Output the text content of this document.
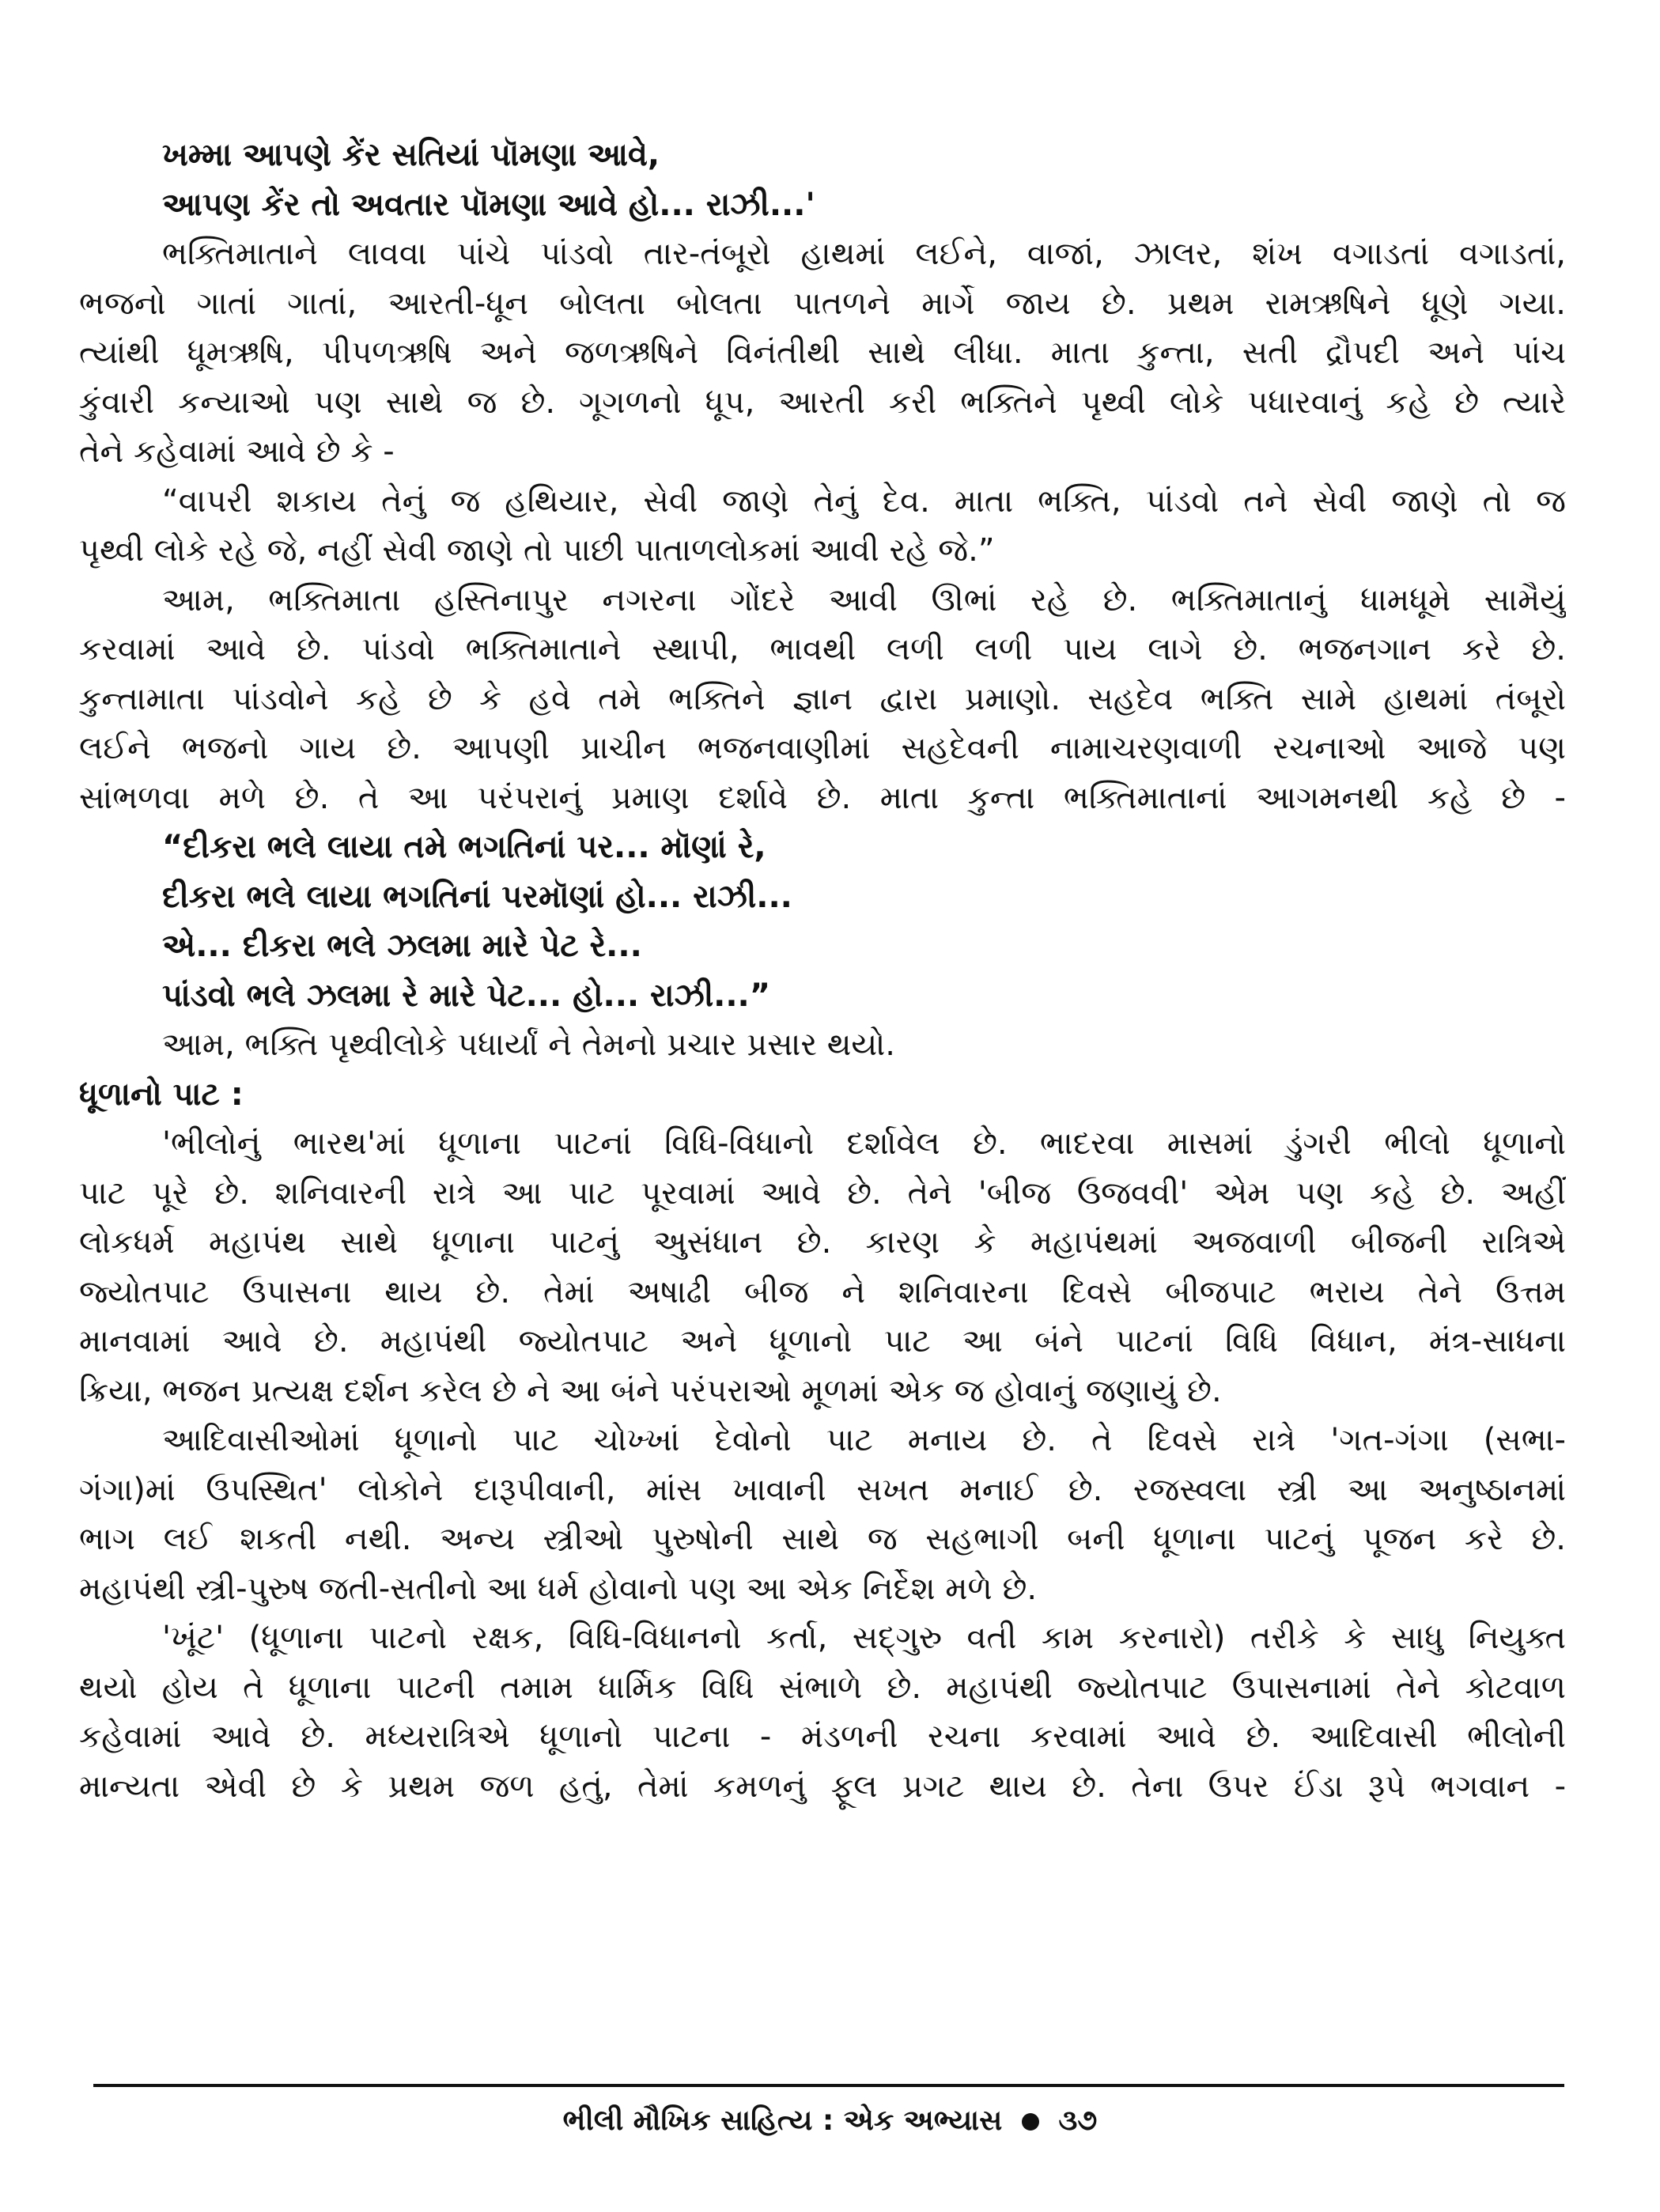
ખમ્મા આપણે કેંર સતિયાં પૉમણા આવે,
આપણ કેંર તો અવતાર પૉમણા આવે હો... રાઝી...'
ભક્તિમાતાને લાવવા પાંચે પાંડવો તાર-તંબૂરો હાથમાં લઈને, વાજાં, ઝાલર, શંખ વગાડતાં વગાડતાં,
ભજનો ગાતાં ગાતાં, આરતી-ધૂન બોલતા બોલતા પાતળને માર્ગે જાય છે. પ્રથમ રામઋષિને ધૂણે ગયા.
ત્યાંથી ધૂમઋષિ, પીપળઋષિ અને જળઋષિને વિનંતીથી સાથે લીધા. માતા કુન્તા, સતી દ્રૌપદી અને પાંચ
કુંવારી કન્યાઓ પણ સાથે જ છે. ગૂગળનો ધૂપ, આરતી કરી ભક્તિને પૃથ્વી લોકે પધારવાનું કહે છે ત્યારે
તેને કહેવામાં આવે છે કે -
“વાપરી શકાય તેનું જ હથિયાર, સેવી જાણે તેનું દેવ. માતા ભક્તિ, પાંડવો તને સેવી જાણે તો જ
પૃથ્વી લોકે રહે જે, નહીં સેવી જાણે તો પાછી પાતાળલોકમાં આવી રહે જે.”
આમ, ભક્તિમાતા હસ્તિનાપુર નગરના ગોંદરે આવી ઊભાં રહે છે. ભક્તિમાતાનું ધામધૂમે સામૈયું
કરવામાં આવે છે. પાંડવો ભક્તિમાતાને સ્થાપી, ભાવથી લળી લળી પાય લાગે છે. ભજનગાન કરે છે.
કુન્તામાતા પાંડવોને કહે છે કે હવે તમે ભક્તિને જ્ઞાન દ્વારા પ્રમાણો. સહદેવ ભક્તિ સામે હાથમાં તંબૂરો
લઈને ભજનો ગાય છે. આપણી પ્રાચીન ભજનવાણીમાં સહદેવની નામાચરણવાળી રચનાઓ આજે પણ
સાંભળવા મળે છે. તે આ પરંપરાનું પ્રમાણ દર્શાવે છે. માતા કુન્તા ભક્તિમાતાનાં આગમનથી કહે છે -
“દીકરા ભલે લાયા તમે ભગતિનાં પર... મૉણાં રે,
દીકરા ભલે લાયા ભગતિનાં પરમૉણાં હો... રાઝી...
એ... દીકરા ભલે ઝલમા મારે પેટ રે...
પાંડવો ભલે ઝલમા રે મારે પેટ... હો... રાઝી...”
આમ, ભક્તિ પૃથ્વીલોકે પધાર્યાં ને તેમનો પ્રચાર પ્રસાર થયો.
ધૂળાનો પાટ :
'ભીલોનું ભારથ'માં ધૂળાના પાટનાં વિધિ-વિધાનો દર્શાવેલ છે. ભાદરવા માસમાં ડુંગરી ભીલો ધૂળાનો
પાટ પૂરે છે. શનિવારની રાત્રે આ પાટ પૂરવામાં આવે છે. તેને 'બીજ ઉજવવી' એમ પણ કહે છે. અહીં
લોકધર્મ મહાપંથ સાથે ધૂળાના પાટનું અુસંધાન છે. કારણ કે મહાપંથમાં અજવાળી બીજની રાત્રિએ
જ્યોતપાટ ઉપાસના થાય છે. તેમાં અષાઢી બીજ ને શનિવારના દિવસે બીજપાટ ભરાય તેને ઉત્તમ
માનવામાં આવે છે. મહાપંથી જ્યોતપાટ અને ધૂળાનો પાટ આ બંને પાટનાં વિધિ વિધાન, મંત્ર-સાધના
ક્રિયા, ભજન પ્રત્યક્ષ દર્શન કરેલ છે ને આ બંને પરંપરાઓ મૂળમાં એક જ હોવાનું જણાયું છે.
આદિવાસીઓમાં ધૂળાનો પાટ ચોખ્ખાં દેવોનો પાટ મનાય છે. તે દિવસે રાત્રે 'ગત-ગંગા (સભા-
ગંગા)માં ઉપસ્થિત' લોકોને દારૂપીવાની, માંસ ખાવાની સખત મનાઈ છે. રજસ્વલા સ્ત્રી આ અનુષ્ઠાનમાં
ભાગ લઈ શકતી નથી. અન્ય સ્ત્રીઓ પુરુષોની સાથે જ સહભાગી બની ધૂળાના પાટનું પૂજન કરે છે.
મહાપંથી સ્ત્રી-પુરુષ જતી-સતીનો આ ધર્મ હોવાનો પણ આ એક નિર્દેશ મળે છે.
'ખૂંટ' (ધૂળાના પાટનો રક્ષક, વિધિ-વિધાનનો કર્તા, સદ્‌ગુરુ વતી કામ કરનારો) તરીકે કે સાધુ નિયુક્ત
થયો હોય તે ધૂળાના પાટની તમામ ધાર્મિક વિધિ સંભાળે છે. મહાપંથી જ્યોતપાટ ઉપાસનામાં તેને કોટવાળ
કહેવામાં આવે છે. મધ્યરાત્રિએ ધૂળાનો પાટના - મંડળની રચના કરવામાં આવે છે. આદિવાસી ભીલોની
માન્યતા એવી છે કે પ્રથમ જળ હતું, તેમાં કમળનું ફૂલ પ્રગટ થાય છે. તેના ઉપર ઈંડા રૂપે ભગવાન -
ભીલી મૌખિક સાહિત્ય : એક અભ્યાસ ૩૭
